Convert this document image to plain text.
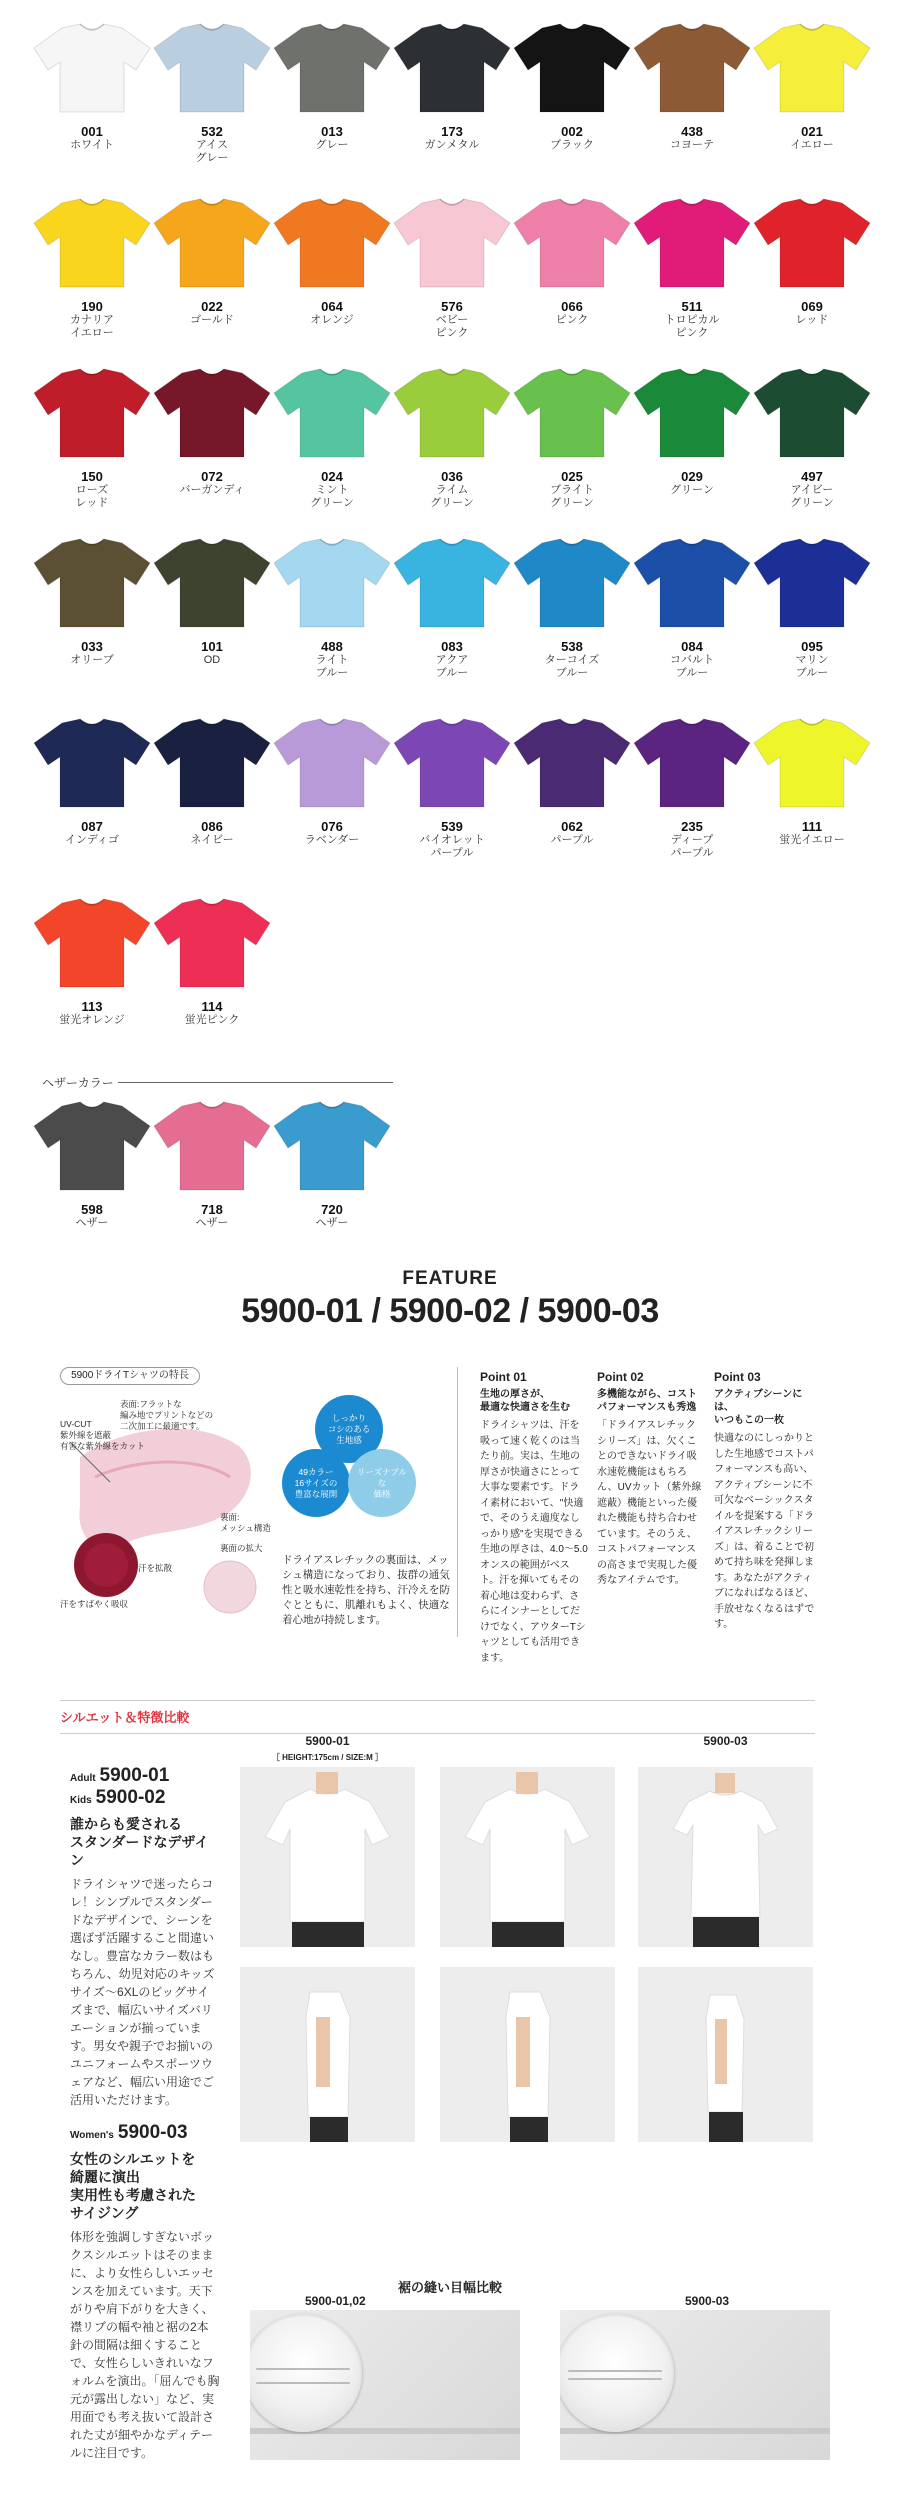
001
ホワイト
532
アイス
グレー
013
グレー
173
ガンメタル
002
ブラック
438
コヨーテ
021
イエロー
190
カナリア
イエロー
022
ゴールド
064
オレンジ
576
ベビー
ピンク
066
ピンク
511
トロピカル
ピンク
069
レッド
150
ローズ
レッド
072
バーガンディ
024
ミント
グリーン
036
ライム
グリーン
025
ブライト
グリーン
029
グリーン
497
アイビー
グリーン
033
オリーブ
101
OD
488
ライト
ブルー
083
アクア
ブルー
538
ターコイズ
ブルー
084
コバルト
ブルー
095
マリン
ブルー
087
インディゴ
086
ネイビー
076
ラベンダー
539
バイオレット
パープル
062
パープル
235
ディープ
パープル
111
蛍光イエロー
113
蛍光オレンジ
114
蛍光ピンク
ヘザーカラー
598
ヘザー
718
ヘザー
720
ヘザー
FEATURE
5900-01 / 5900-02 / 5900-03
5900ドライTシャツの特長
UV-CUT
紫外線を遮蔽
有害な紫外線をカット
表面:フラットな
編み地でプリントなどの
二次加工に最適です。
裏面:
メッシュ構造
裏面の拡大
汗を拡散
汗をすばやく吸収
しっかり
コシのある
生地感
49カラー
16サイズの
豊富な展開
リーズナブルな
価格
ドライアスレチックの裏面は、メッシュ構造になっており、抜群の通気性と吸水速乾性を持ち、汗冷えを防ぐとともに、肌離れもよく、快適な着心地が持続します。
Point 01
生地の厚さが、
最適な快適さを生む
ドライシャツは、汗を吸って速く乾くのは当たり前。実は、生地の厚さが快適さにとって大事な要素です。ドライ素材において、"快適で、そのうえ適度なしっかり感"を実現できる生地の厚さは、4.0〜5.0オンスの範囲がベスト。汗を揮いてもその着心地は変わらず、さらにインナーとしてだけでなく、アウターTシャツとしても活用できます。
Point 02
多機能ながら、コスト
パフォーマンスも秀逸
「ドライアスレチックシリーズ」は、欠くことのできないドライ吸水速乾機能はもちろん、UVカット（紫外線遮蔽）機能といった優れた機能も持ち合わせています。そのうえ、コストパフォーマンスの高さまで実現した優秀なアイテムです。
Point 03
アクティブシーンには、
いつもこの一枚
快適なのにしっかりとした生地感でコストパフォーマンスも高い、アクティブシーンに不可欠なベーシックスタイルを提案する「ドライアスレチックシリーズ」は、着ることで初めて持ち味を発揮します。あなたがアクティブになればなるほど、手放せなくなるはずです。
シルエット＆特徴比較
5900-01
［ HEIGHT:175cm / SIZE:M ］
5900-03
Adult 5900-01
Kids 5900-02
誰からも愛される
スタンダードなデザイン
ドライシャツで迷ったらコレ！シンプルでスタンダードなデザインで、シーンを選ばず活躍すること間違いなし。豊富なカラー数はもちろん、幼児対応のキッズサイズ〜6XLのビッグサイズまで、幅広いサイズバリエーションが揃っています。男女や親子でお揃いのユニフォームやスポーツウェアなど、幅広い用途でご活用いただけます。
Women's 5900-03
女性のシルエットを
綺麗に演出
実用性も考慮された
サイジング
体形を強調しすぎないボックスシルエットはそのままに、より女性らしいエッセンスを加えています。天下がりや肩下がりを大きく、襟リブの幅や袖と裾の2本針の間隔は細くすることで、女性らしいきれいなフォルムを演出。「屈んでも胸元が露出しない」など、実用面でも考え抜いて設計された丈が細やかなディテールに注目です。
裾の縫い目幅比較
5900-01,02	5900-03
